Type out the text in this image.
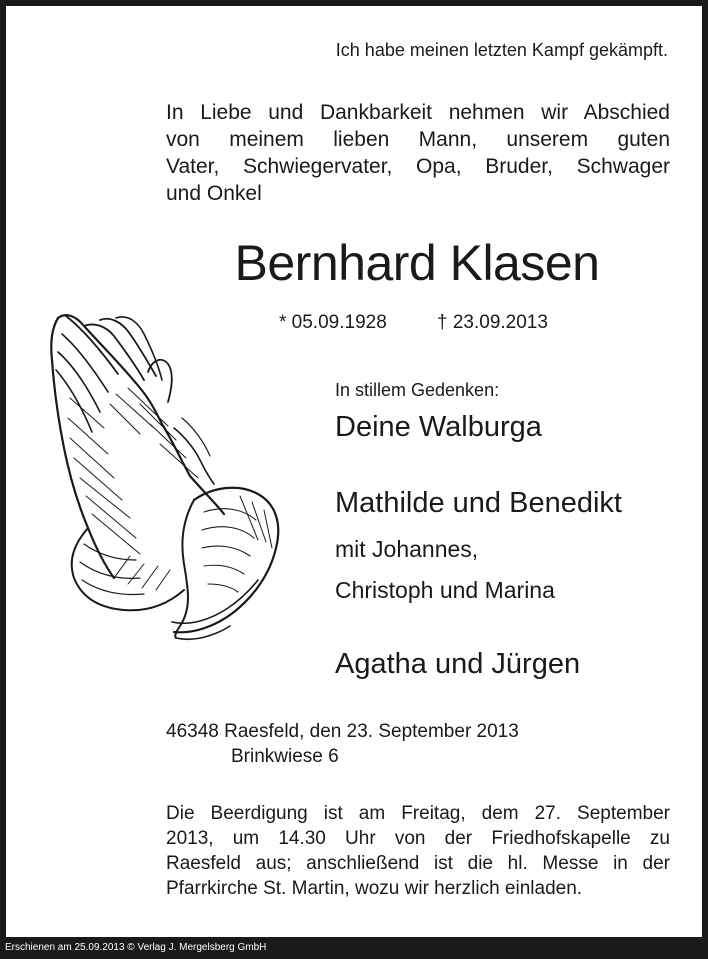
Erschienen am 25.09.2013 © Verlag J. Mergelsberg GmbH
Ich habe meinen letzten Kampf gekämpft.
In Liebe und Dankbarkeit nehmen wir Abschied
von meinem lieben Mann, unserem guten
Vater, Schwiegervater, Opa, Bruder, Schwager
und Onkel
Bernhard Klasen
* 05.09.1928	† 23.09.2013
In stillem Gedenken:
Deine Walburga
Mathilde und Benedikt
mit Johannes,
Christoph und Marina
Agatha und Jürgen
46348 Raesfeld, den 23. September 2013
Brinkwiese 6
Die Beerdigung ist am Freitag, dem 27. September
2013, um 14.30 Uhr von der Friedhofskapelle zu
Raesfeld aus; anschließend ist die hl. Messe in der
Pfarrkirche St. Martin, wozu wir herzlich einladen.
